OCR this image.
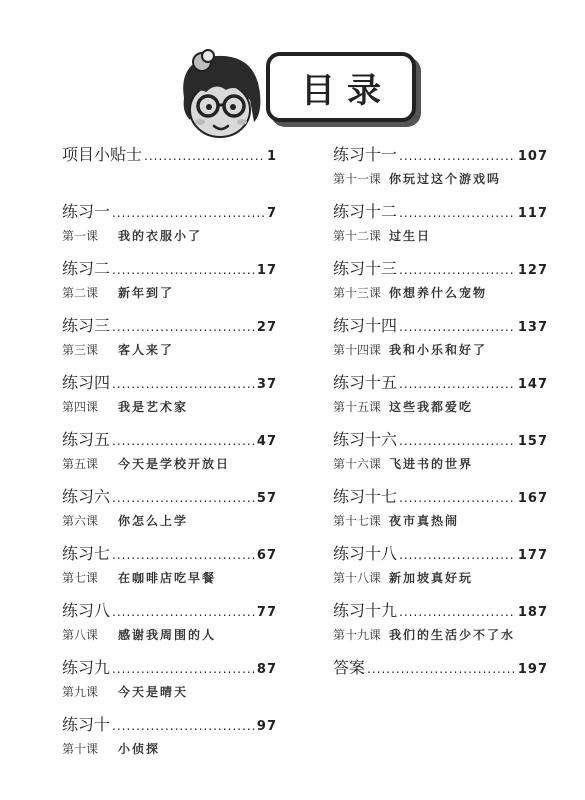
目录
项目小贴士 .....	1
练习一 .....	7
第一课 我的衣服小了
练习二 .....	17
第二课 新年到了
练习三 .....	27
第三课 客人来了
练习四 .....	37
第四课 我是艺术家
练习五 .....	47
第五课 今天是学校开放日
练习六 .....	57
第六课 你怎么上学
练习七 .....	67
第七课 在咖啡店吃早餐
练习八 .....	77
第八课 感谢我周围的人
练习九 .....	87
第九课 今天是晴天
练习十 .....	97
第十课 小侦探
练习十一 .....	107
第十一课 你玩过这个游戏吗
练习十二 .....	117
第十二课 过生日
练习十三 .....	127
第十三课 你想养什么宠物
练习十四 .....	137
第十四课 我和小乐和好了
练习十五 .....	147
第十五课 这些我都爱吃
练习十六 .....	157
第十六课 飞进书的世界
练习十七 .....	167
第十七课 夜市真热闹
练习十八 .....	177
第十八课 新加坡真好玩
练习十九 .....	187
第十九课 我们的生活少不了水
答案 .....	197
